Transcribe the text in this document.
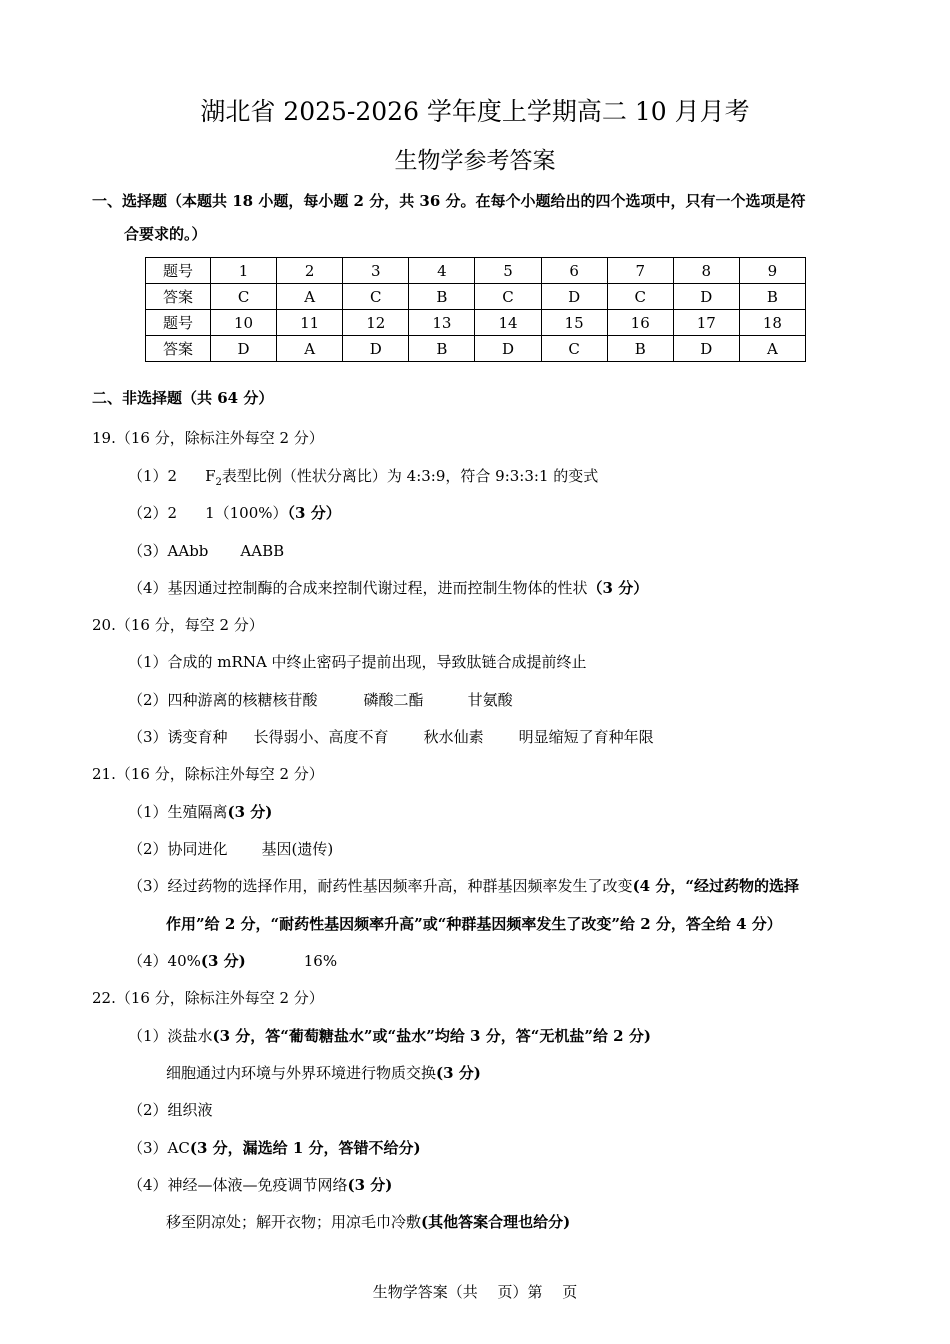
湖北省 2025-2026 学年度上学期高二 10 月月考
生物学参考答案
一、选择题（本题共 18 小题，每小题 2 分，共 36 分。在每个小题给出的四个选项中，只有一个选项是符
合要求的。）
题号	1	2	3	4	5	6	7	8	9
答案	C	A	C	B	C	D	C	D	B
题号	10	11	12	13	14	15	16	17	18
答案	D	A	D	B	D	C	B	D	A
二、非选择题（共 64 分）
19.（16 分，除标注外每空 2 分）
（1）2 $F_2$表型比例（性状分离比）为 4:3:9，符合 9:3:3:1 的变式
（2）2 1（100%）（3 分）
（3）AAbb AABB
（4）基因通过控制酶的合成来控制代谢过程，进而控制生物体的性状（3 分）
20.（16 分，每空 2 分）
（1）合成的 mRNA 中终止密码子提前出现，导致肽链合成提前终止
（2）四种游离的核糖核苷酸	磷酸二酯	甘氨酸
（3）诱变育种 长得弱小、高度不育 秋水仙素 明显缩短了育种年限
21.（16 分，除标注外每空 2 分）
（1）生殖隔离(3 分)
（2）协同进化 基因(遗传)
（3）经过药物的选择作用，耐药性基因频率升高，种群基因频率发生了改变(4 分，“经过药物的选择
作用”给 2 分，“耐药性基因频率升高”或“种群基因频率发生了改变”给 2 分，答全给 4 分）
（4）40%(3 分)	16%
22.（16 分，除标注外每空 2 分）
（1）淡盐水(3 分，答“葡萄糖盐水”或“盐水”均给 3 分，答“无机盐”给 2 分)
细胞通过内环境与外界环境进行物质交换(3 分)
（2）组织液
（3）AC(3 分，漏选给 1 分，答错不给分)
（4）神经—体液—免疫调节网络(3 分)
移至阴凉处；解开衣物；用凉毛巾冷敷(其他答案合理也给分)
生物学答案（共　 页）第　 页
